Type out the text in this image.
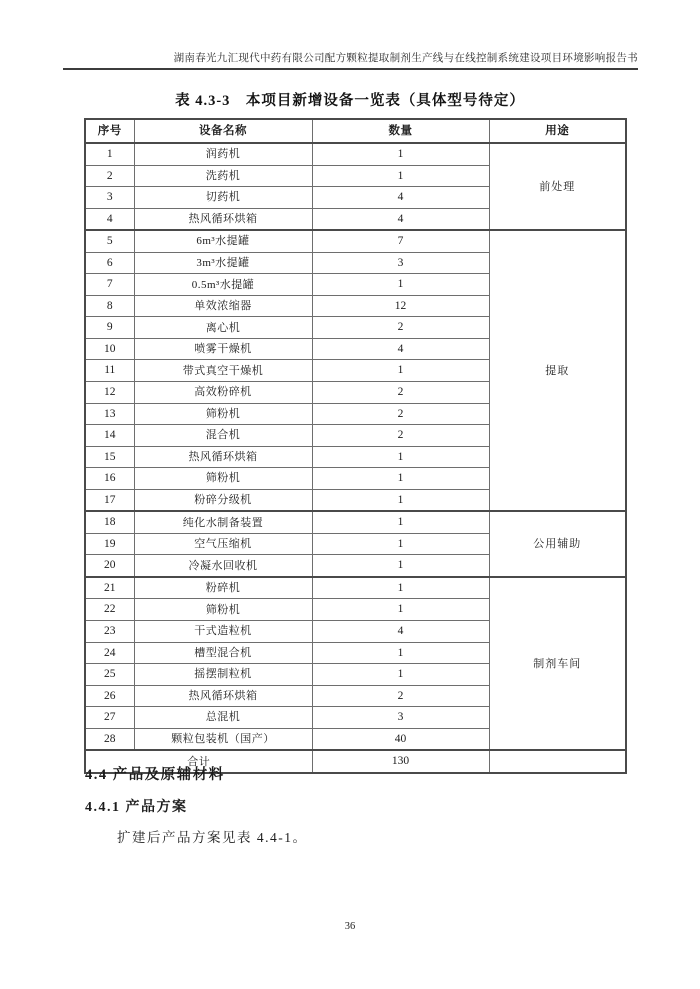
湖南春光九汇现代中药有限公司配方颗粒提取制剂生产线与在线控制系统建设项目环境影响报告书
表 4.3-3　本项目新增设备一览表（具体型号待定）
序号	设备名称	数量	用途
1	润药机	1	前处理
2	洗药机	1	
3	切药机	4	
4	热风循环烘箱	4	
5	6m³水提罐	7	提取
6	3m³水提罐	3	
7	0.5m³水提罐	1	
8	单效浓缩器	12	
9	离心机	2	
10	喷雾干燥机	4	
11	带式真空干燥机	1	
12	高效粉碎机	2	
13	筛粉机	2	
14	混合机	2	
15	热风循环烘箱	1	
16	筛粉机	1	
17	粉碎分级机	1	
18	纯化水制备装置	1	公用辅助
19	空气压缩机	1	
20	冷凝水回收机	1	
21	粉碎机	1	制剂车间
22	筛粉机	1	
23	干式造粒机	4	
24	槽型混合机	1	
25	摇摆制粒机	1	
26	热风循环烘箱	2	
27	总混机	3	
28	颗粒包装机（国产）	40	
合计		130	
4.4 产品及原辅材料
4.4.1 产品方案
扩建后产品方案见表 4.4-1。
36
